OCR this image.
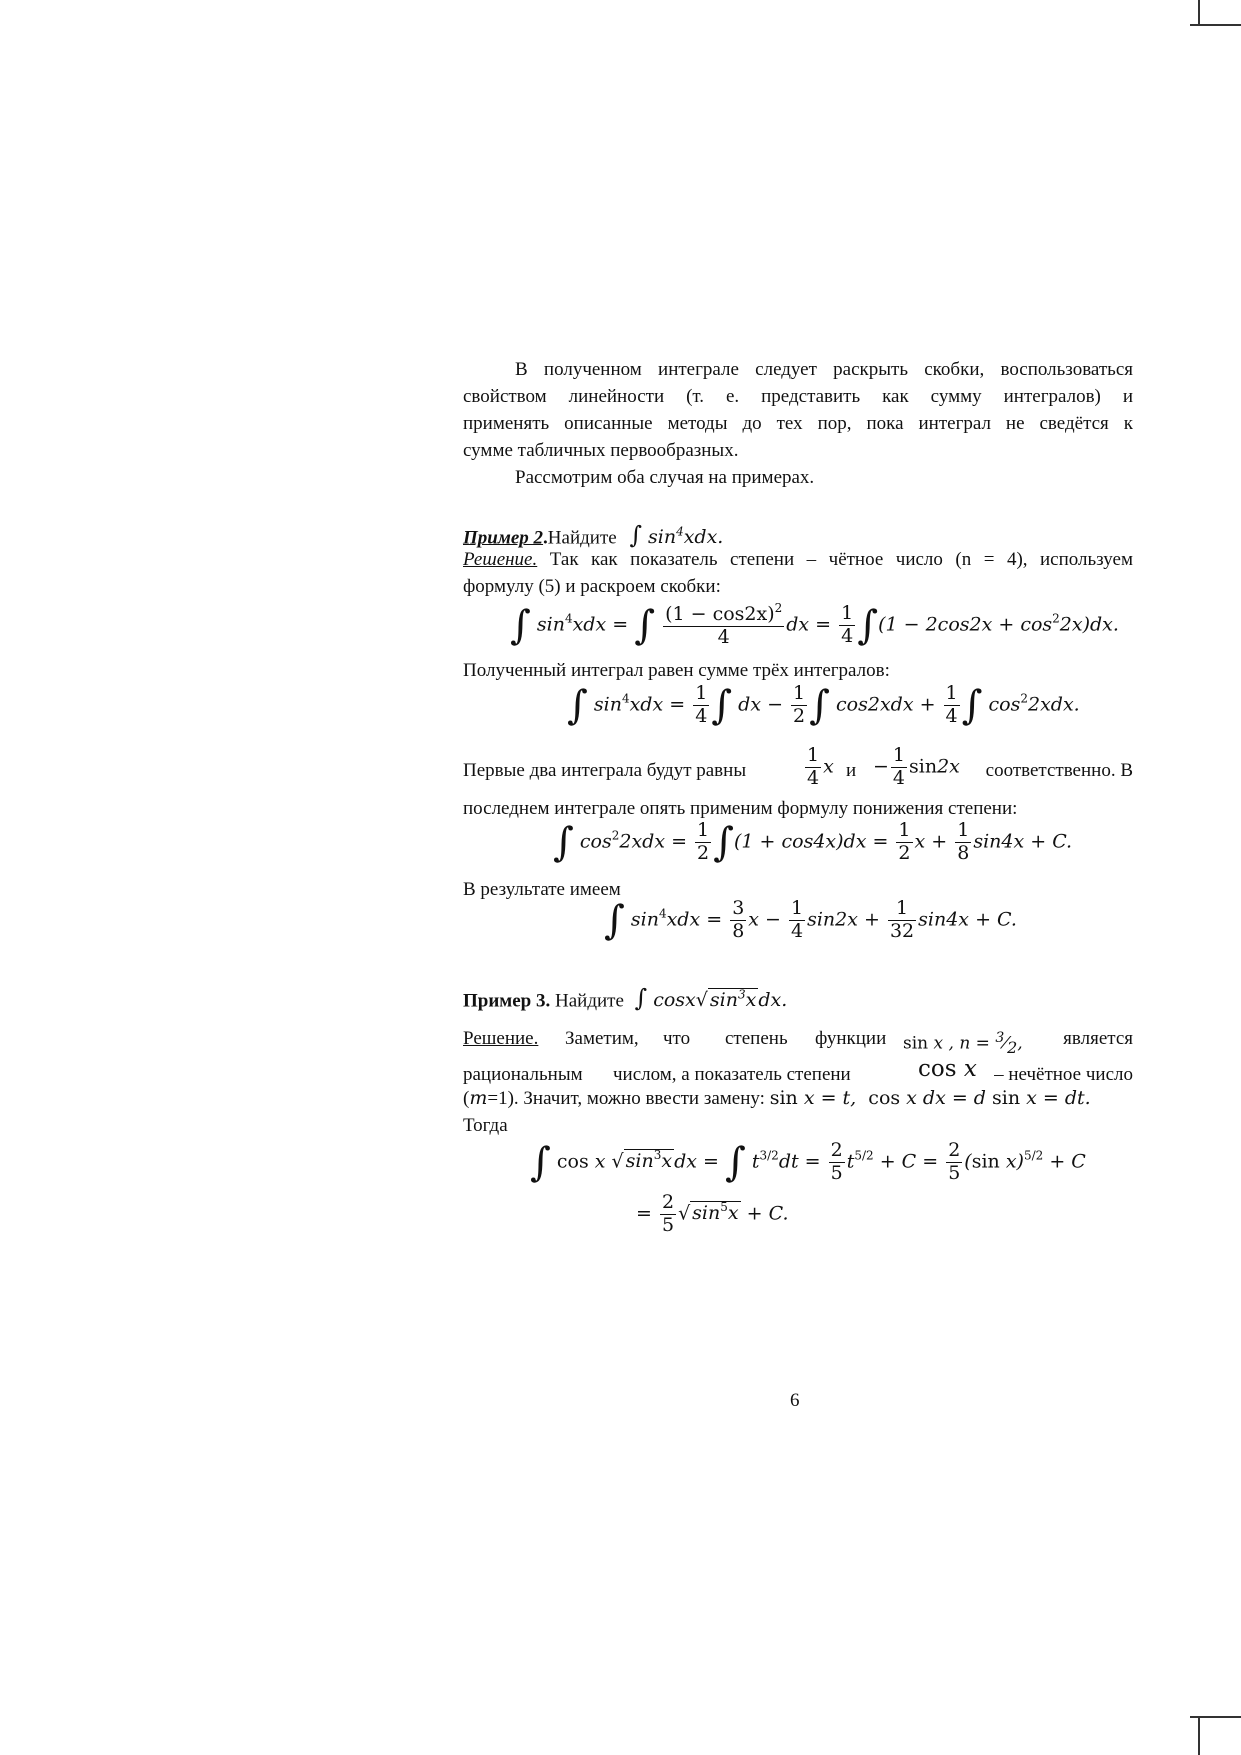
В полученном интеграле следует раскрыть скобки, воспользоваться
свойством линейности (т. е. представить как сумму интегралов) и
применять описанные методы до тех пор, пока интеграл не сведётся к
сумме табличных первообразных.
Рассмотрим оба случая на примерах.
Пример 2.Найдите ∫ $\sin^4xdx$.
Решение. Так как показатель степени – чётное число (n = 4), используем
формулу (5) и раскроем скобки:
∫ $\sin^4xdx$ = ∫ $\frac{(1 - \cos 2x)^2}{4}$ dx = $\frac{1}{4} \int(1 - 2\cos 2x + \cos^22x)dx$.
Полученный интеграл равен сумме трёх интегралов:
∫ $\sin^4xdx = \frac{1}{4}$ ∫ dx − $\frac{1}{2}$ ∫ $\cos 2xdx + \frac{1}{4}$ ∫ $\cos^22xdx$.
Первые два интеграла будут равны	$\frac{1}{4}$ x $и - \frac{1}{4} \sin 2x$ соответственно. В
последнем интеграле опять применим формулу понижения степени:
∫ $\cos^22xdx = \frac{1}{2} \int(1 + \cos 4x)dx = \frac{1}{2}$ $x + \frac{1}{8} \sin 4x + C$.
В результате имеем
∫ $\sin^4xdx = \frac{3}{8}$ $x - \frac{1}{4} \sin 2x + \frac{1}{32} \sin 4x + C$.
Пример 3. Найдите ∫ cosx√ $\sin^3x$ dx.
Решение. Заметим, что степень функции sin x , $n = ^3⁄_2$, является
рациональным числом, а показатель степени	cos x – нечётное число
(m=1). Значит, можно ввести замену: sin x = t,  cos x dx = d sin x = dt.
Тогда
∫ cos x √ $\sin^3x$ dx = ∫ $t^{3/2}dt = \frac{2}{5} t^{5/2} + C = \frac{2}{5} (\sin$ x)$^{5/2}$ + C
= $\frac{2}{5}$ √ $\sin^5x + C$.
6
